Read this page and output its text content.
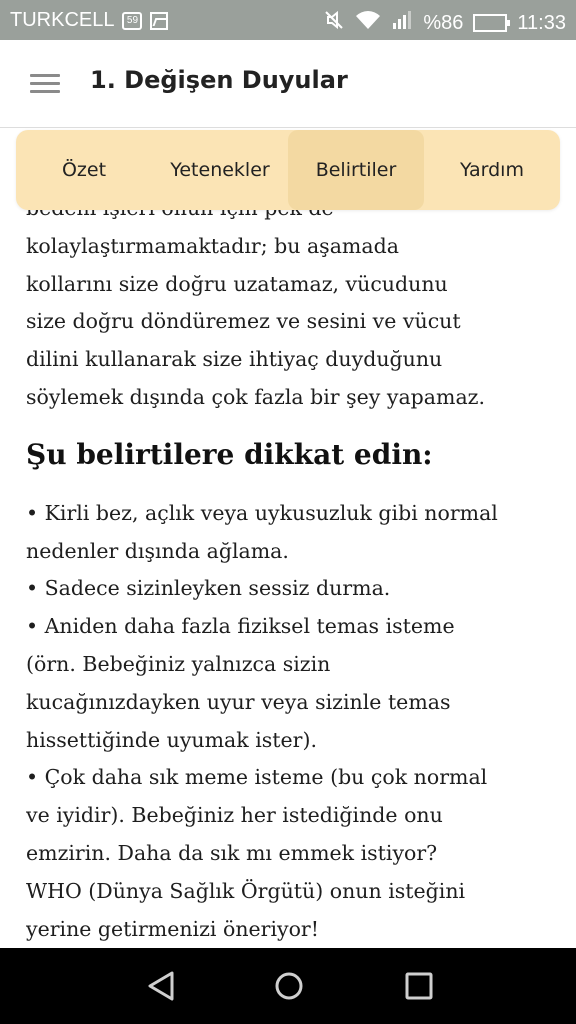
TURKCELL	59	%86	11:33
1. Değişen Duyular

kolaylaştırmamaktadır; bu aşamada

kollarını size doğru uzatamaz, vücudunu

size doğru döndüremez ve sesini ve vücut

dilini kullanarak size ihtiyaç duyduğunu

söylemek dışında çok fazla bir şey yapamaz.

Şu belirtilere dikkat edin:

• Kirli bez, açlık veya uykusuzluk gibi normal

nedenler dışında ağlama.

• Sadece sizinleyken sessiz durma.

• Aniden daha fazla fiziksel temas isteme

(örn. Bebeğiniz yalnızca sizin

kucağınızdayken uyur veya sizinle temas

hissettiğinde uyumak ister).

• Çok daha sık meme isteme (bu çok normal

ve iyidir). Bebeğiniz her istediğinde onu

emzirin. Daha da sık mı emmek istiyor?

WHO (Dünya Sağlık Örgütü) onun isteğini

yerine getirmenizi öneriyor!

Özet	Yetenekler	Belirtiler	Yardım
